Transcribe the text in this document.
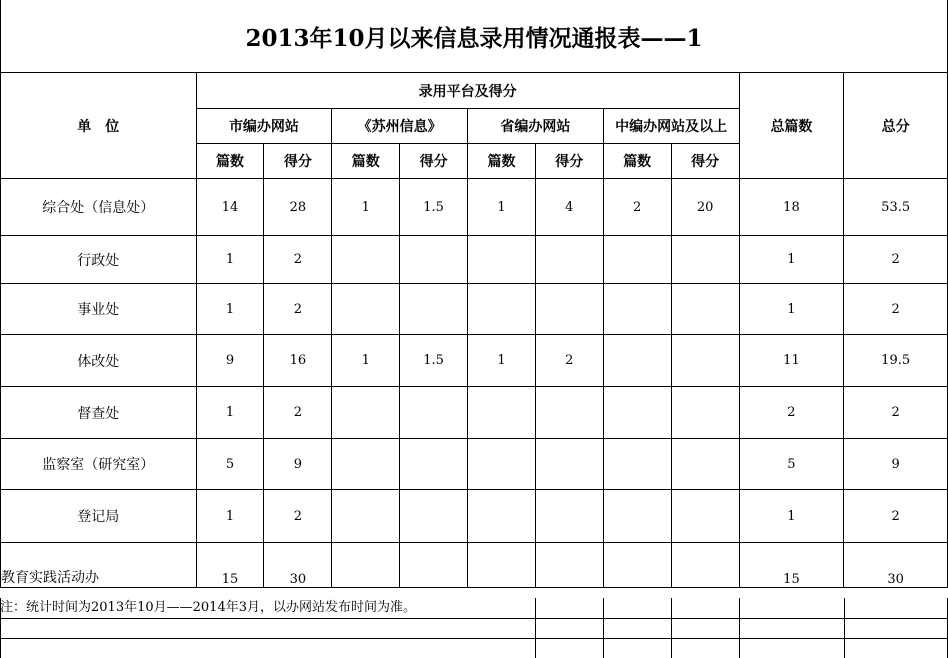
2013年10月以来信息录用情况通报表——1
单　位	录用平台及得分								总篇数	总分
	市编办网站		《苏州信息》		省编办网站		中编办网站及以上			
	篇数	得分	篇数	得分	篇数	得分	篇数	得分		
综合处（信息处）	14	28	1	1.5	1	4	2	20	18	53.5
行政处	1	2							1	2
事业处	1	2							1	2
体改处	9	16	1	1.5	1	2			11	19.5
督查处	1	2							2	2
监察室（研究室）	5	9							5	9
登记局	1	2							1	2
教育实践活动办	15	30							15	30
注：统计时间为2013年10月——2014年3月，以办网站发布时间为准。
